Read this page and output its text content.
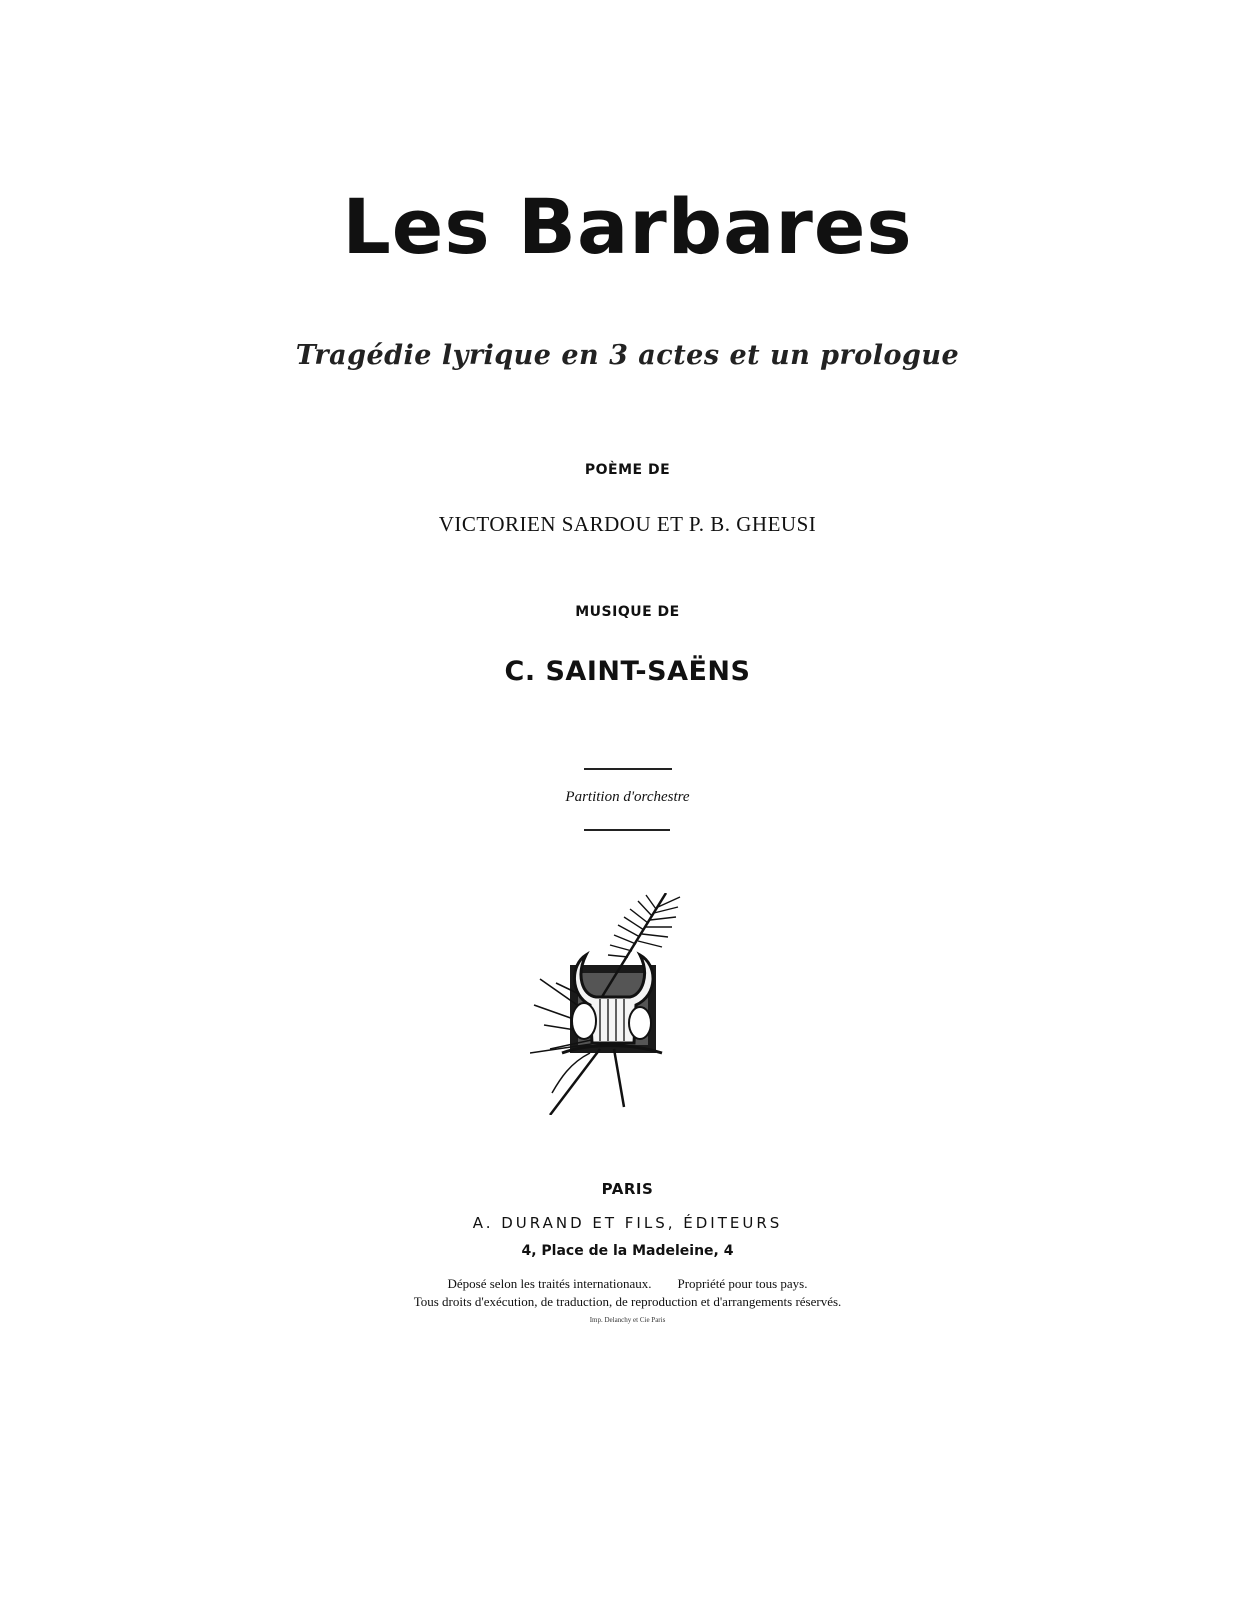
Les Barbares
Tragédie lyrique en 3 actes et un prologue
POÈME DE
VICTORIEN SARDOU ET P. B. GHEUSI
MUSIQUE DE
C. SAINT-SAËNS
Partition d'orchestre
PARIS
A. DURAND ET FILS, ÉDITEURS
4, Place de la Madeleine, 4
Déposé selon les traités internationaux. Propriété pour tous pays.
Tous droits d'exécution, de traduction, de reproduction et d'arrangements réservés.
Imp. Delanchy et Cie Paris
